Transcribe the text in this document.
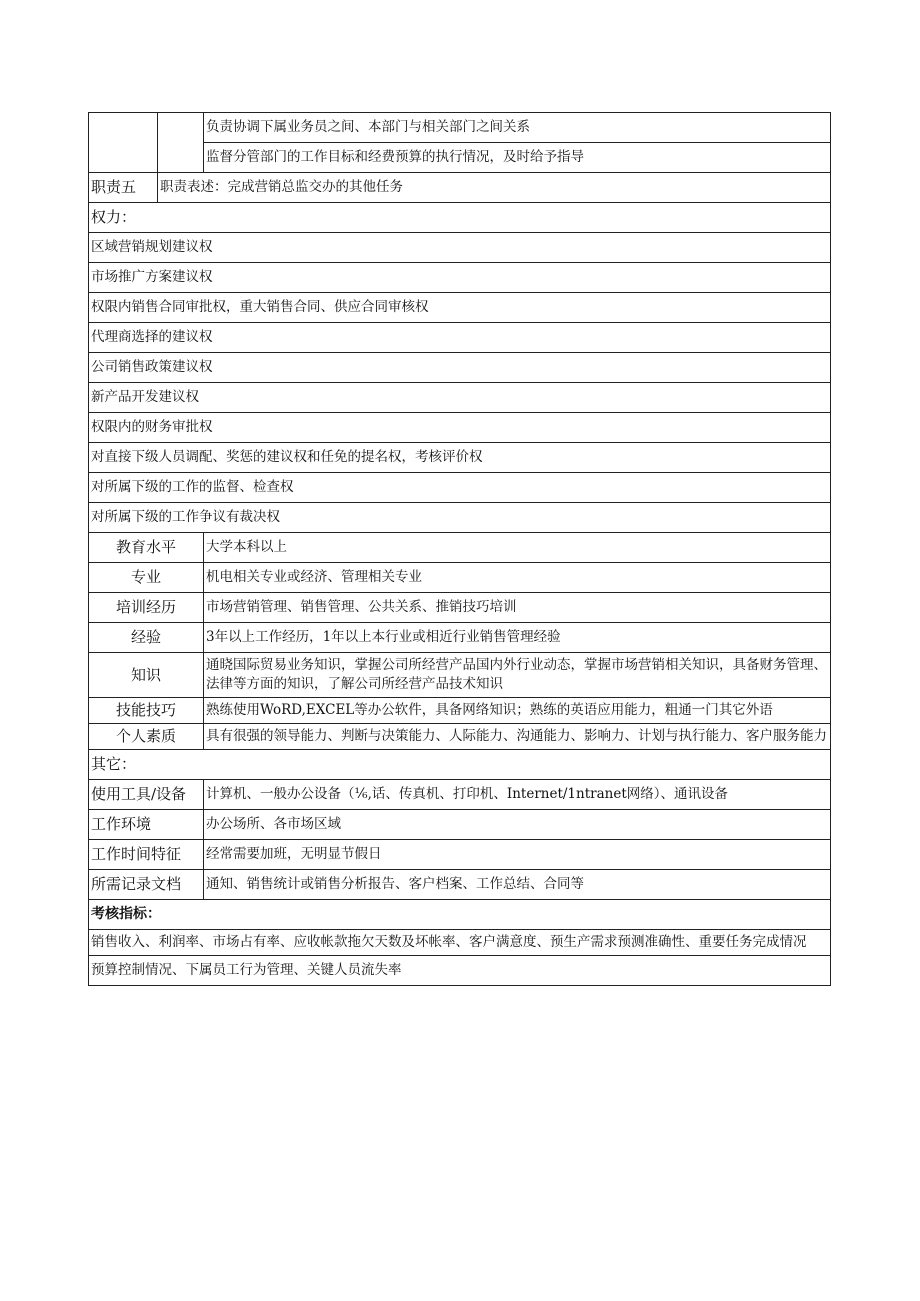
		负责协调下属业务员之间、本部门与相关部门之间关系
		监督分管部门的工作目标和经费预算的执行情况，及时给予指导
职责五	职责表述：完成营销总监交办的其他任务	
权力：		
区域营销规划建议权		
市场推广方案建议权		
权限内销售合同审批权，重大销售合同、供应合同审核权		
代理商选择的建议权		
公司销售政策建议权		
新产品开发建议权		
权限内的财务审批权		
对直接下级人员调配、奖惩的建议权和任免的提名权，考核评价权		
对所属下级的工作的监督、检查权		
对所属下级的工作争议有裁决权		
教育水平		大学本科以上
专业		机电相关专业或经济、管理相关专业
培训经历		市场营销管理、销售管理、公共关系、推销技巧培训
经验		3年以上工作经历，1年以上本行业或相近行业销售管理经验
知识		通晓国际贸易业务知识，掌握公司所经营产品国内外行业动态，掌握市场营销相关知识，具备财务管理、法律等方面的知识，了解公司所经营产品技术知识
技能技巧		熟练使用WoRD,EXCEL等办公软件，具备网络知识；熟练的英语应用能力，粗通一门其它外语
个人素质		具有很强的领导能力、判断与决策能力、人际能力、沟通能力、影响力、计划与执行能力、客户服务能力
其它：		
使用工具/设备		计算机、一般办公设备（⅙,话、传真机、打印机、Internet/1ntranet网络）、通讯设备
工作环境		办公场所、各市场区域
工作时间特征		经常需要加班，无明显节假日
所需记录文档		通知、销售统计或销售分析报告、客户档案、工作总结、合同等
考核指标：		
销售收入、利润率、市场占有率、应收帐款拖欠天数及坏帐率、客户满意度、预生产需求预测准确性、重要任务完成情况		
预算控制情况、下属员工行为管理、关键人员流失率		
